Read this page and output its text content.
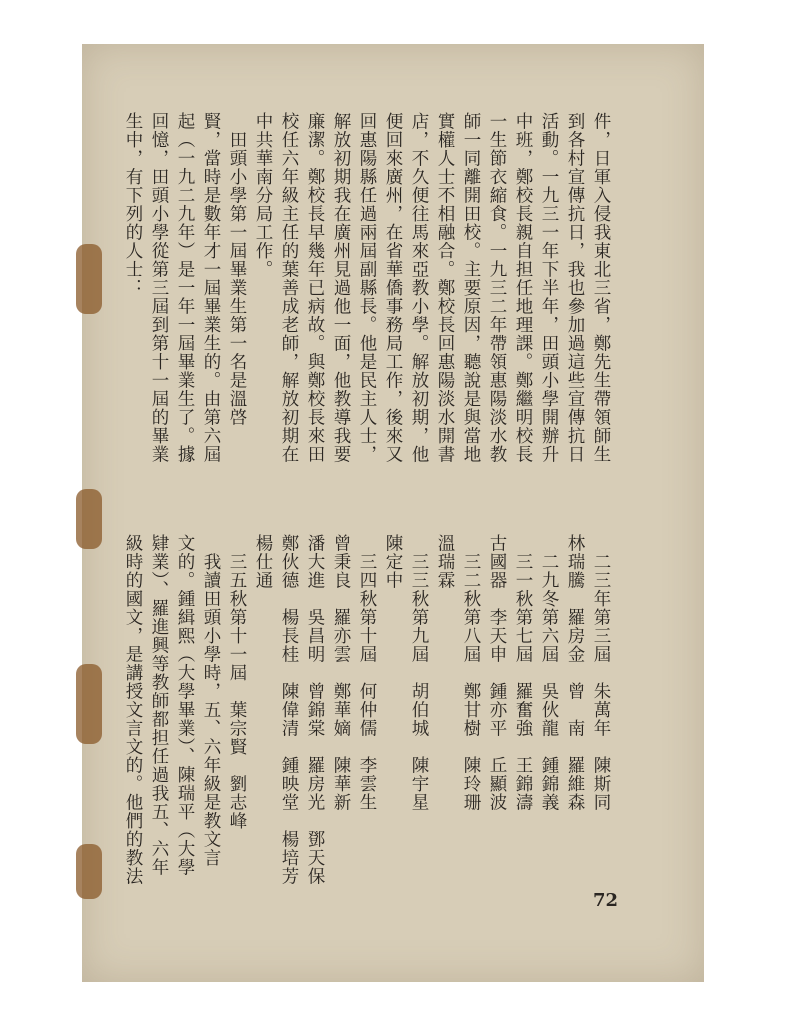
件，日軍入侵我東北三省，鄭先生帶領師生
到各村宣傳抗日，我也參加過這些宣傳抗日
活動。一九三一年下半年，田頭小學開辦升
中班，鄭校長親自担任地理課。鄭繼明校長
一生節衣縮食。一九三二年帶領惠陽淡水教
師一同離開田校。主要原因，聽說是與當地
實權人士不相融合。鄭校長回惠陽淡水開書
店，不久便往馬來亞教小學。解放初期，他
便回來廣州，在省華僑事務局工作，後來又
回惠陽縣任過兩屆副縣長。他是民主人士，
解放初期我在廣州見過他一面，他教導我要
廉潔。鄭校長早幾年已病故。與鄭校長來田
校任六年級主任的葉善成老師，解放初期在
中共華南分局工作。
　田頭小學第一屆畢業生第一名是溫啓
賢，當時是數年才一屆畢業生的。由第六屆
起（一九二九年）是一年一屆畢業生了。據
回憶，田頭小學從第三屆到第十一屆的畢業
生中，有下列的人士：
　二三年第三屆　朱萬年　陳斯同
林瑞騰　羅房金　曾　南　羅維森
　二九冬第六屆　吳伙龍　鍾錦義
　三一秋第七屆　羅奮強　王錦濤
古國器　李天申　鍾亦平　丘顯波
　三二秋第八屆　鄭甘樹　陳玲珊
溫瑞霖
　三三秋第九屆　胡伯城　陳宇星
陳定中
　三四秋第十屆　何仲儒　李雲生
曾秉良　羅亦雲　鄭華嫡　陳華新
潘大進　吳昌明　曾錦棠　羅房光　鄧天保
鄭伙德　楊長桂　陳偉清　鍾映堂　楊培芳
楊仕通
　三五秋第十一屆　葉宗賢　劉志峰
　我讀田頭小學時，五、六年級是教文言
文的。鍾緝熙（大學畢業）、陳瑞平（大學
肄業）、羅進興等教師都担任過我五、六年
級時的國文，是講授文言文的。他們的教法
72
